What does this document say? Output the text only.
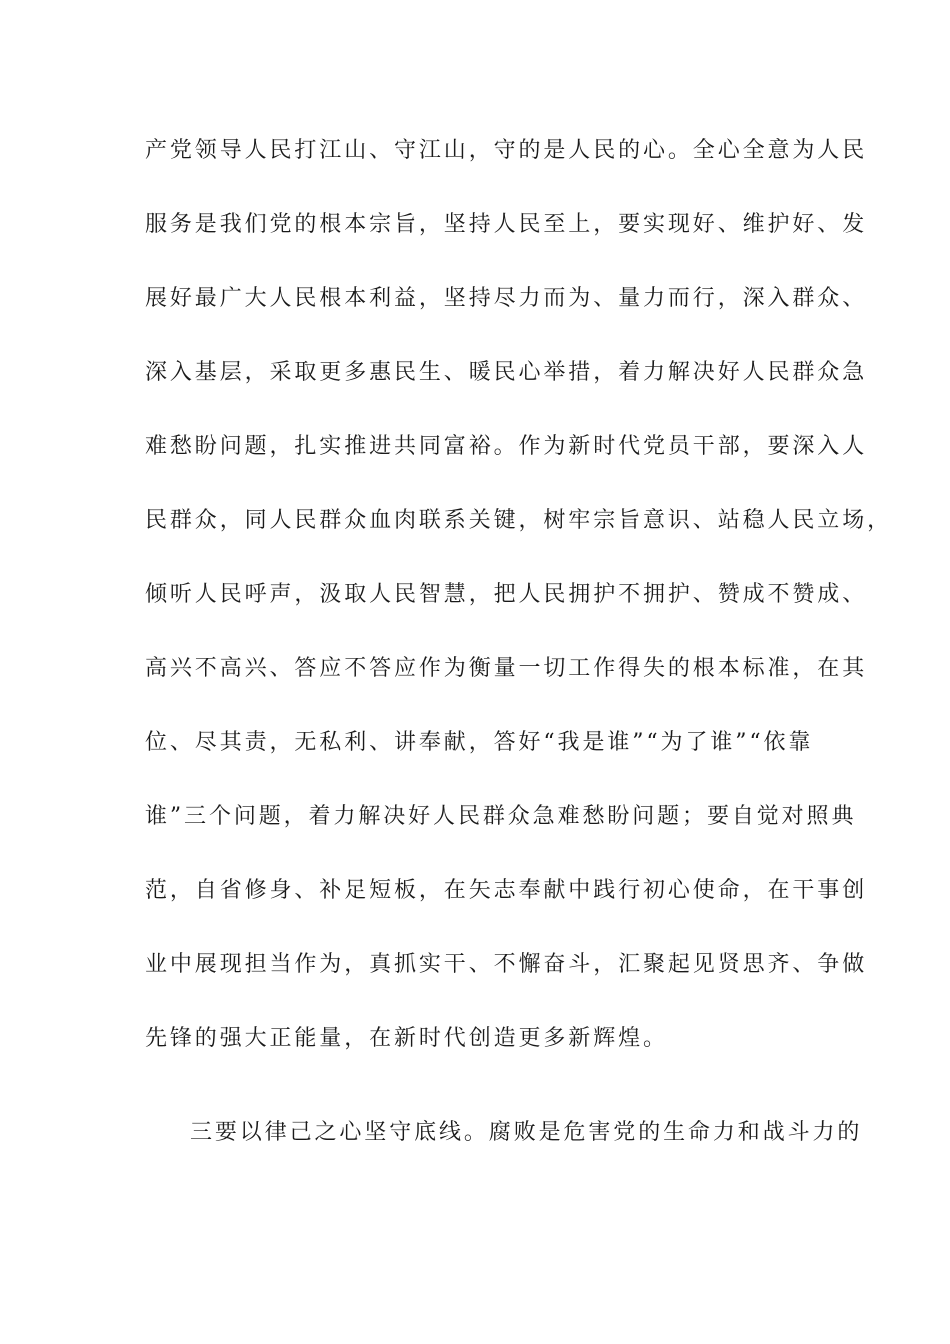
产党领导人民打江山、守江山，守的是人民的心。全心全意为人民
服务是我们党的根本宗旨，坚持人民至上，要实现好、维护好、发
展好最广大人民根本利益，坚持尽力而为、量力而行，深入群众、
深入基层，采取更多惠民生、暖民心举措，着力解决好人民群众急
难愁盼问题，扎实推进共同富裕。作为新时代党员干部，要深入人
民群众，同人民群众血肉联系关键，树牢宗旨意识、站稳人民立场，
倾听人民呼声，汲取人民智慧，把人民拥护不拥护、赞成不赞成、
高兴不高兴、答应不答应作为衡量一切工作得失的根本标准，在其
位、尽其责，无私利、讲奉献，答好“我是谁”“为了谁”“依靠
谁”三个问题，着力解决好人民群众急难愁盼问题；要自觉对照典
范，自省修身、补足短板，在矢志奉献中践行初心使命，在干事创
业中展现担当作为，真抓实干、不懈奋斗，汇聚起见贤思齐、争做
先锋的强大正能量，在新时代创造更多新辉煌。
三要以律己之心坚守底线。腐败是危害党的生命力和战斗力的
